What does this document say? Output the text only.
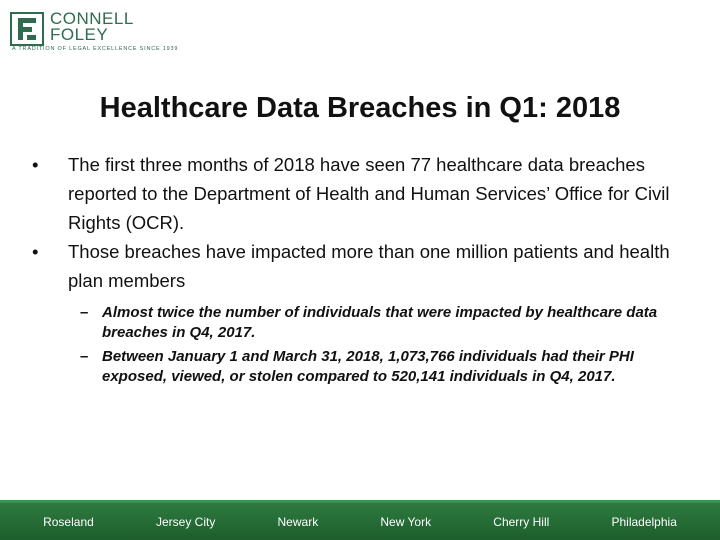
CONNELL
FOLEY
A TRADITION OF LEGAL EXCELLENCE SINCE 1939
Healthcare Data Breaches in Q1: 2018
•	The first three months of 2018 have seen 77 healthcare data breaches reported to the Department of Health and Human Services’ Office for Civil Rights (OCR).
•	Those breaches have impacted more than one million patients and health plan members
– Almost twice the number of individuals that were impacted by healthcare data breaches in Q4, 2017.
– Between January 1 and March 31, 2018, 1,073,766 individuals had their PHI exposed, viewed, or stolen compared to 520,141 individuals in Q4, 2017.
Roseland	Jersey City	Newark	New York	Cherry Hill	Philadelphia
